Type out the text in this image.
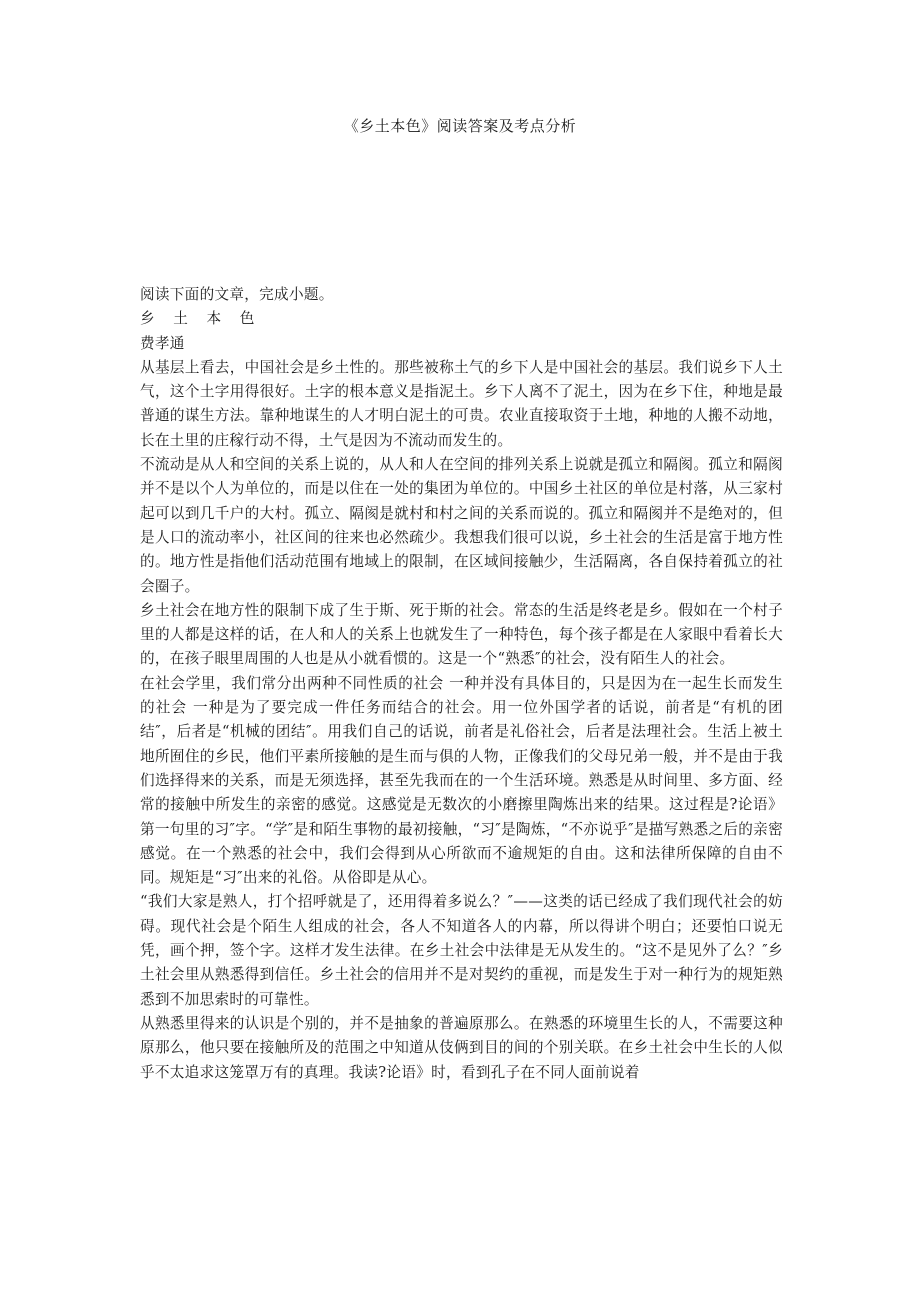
《乡土本色》阅读答案及考点分析

阅读下面的文章，完成小题。

乡 土 本 色

费孝通

从基层上看去，中国社会是乡土性的。那些被称土气的乡下人是中国社会的基层。我们说乡下人土气，这个土字用得很好。土字的根本意义是指泥土。乡下人离不了泥土，因为在乡下住，种地是最普通的谋生方法。靠种地谋生的人才明白泥土的可贵。农业直接取资于土地，种地的人搬不动地，长在土里的庄稼行动不得，土气是因为不流动而发生的。

不流动是从人和空间的关系上说的，从人和人在空间的排列关系上说就是孤立和隔阂。孤立和隔阂并不是以个人为单位的，而是以住在一处的集团为单位的。中国乡土社区的单位是村落，从三家村起可以到几千户的大村。孤立、隔阂是就村和村之间的关系而说的。孤立和隔阂并不是绝对的，但是人口的流动率小，社区间的往来也必然疏少。我想我们很可以说，乡土社会的生活是富于地方性的。地方性是指他们活动范围有地域上的限制，在区域间接触少，生活隔离，各自保持着孤立的社会圈子。

乡土社会在地方性的限制下成了生于斯、死于斯的社会。常态的生活是终老是乡。假如在一个村子里的人都是这样的话，在人和人的关系上也就发生了一种特色，每个孩子都是在人家眼中看着长大的，在孩子眼里周围的人也是从小就看惯的。这是一个“熟悉″的社会，没有陌生人的社会。

在社会学里，我们常分出两种不同性质的社会 一种并没有具体目的，只是因为在一起生长而发生的社会 一种是为了要完成一件任务而结合的社会。用一位外国学者的话说，前者是“有机的团结″，后者是“机械的团结″。用我们自己的话说，前者是礼俗社会，后者是法理社会。生活上被土地所囿住的乡民，他们平素所接触的是生而与俱的人物，正像我们的父母兄弟一般，并不是由于我们选择得来的关系，而是无须选择，甚至先我而在的一个生活环境。熟悉是从时间里、多方面、经常的接触中所发生的亲密的感觉。这感觉是无数次的小磨擦里陶炼出来的结果。这过程是?论语》第一句里的习″字。“学″是和陌生事物的最初接触，“习″是陶炼，“不亦说乎″是描写熟悉之后的亲密感觉。在一个熟悉的社会中，我们会得到从心所欲而不逾规矩的自由。这和法律所保障的自由不同。规矩是“习″出来的礼俗。从俗即是从心。

“我们大家是熟人，打个招呼就是了，还用得着多说么？″——这类的话已经成了我们现代社会的妨碍。现代社会是个陌生人组成的社会，各人不知道各人的内幕，所以得讲个明白；还要怕口说无凭，画个押，签个字。这样才发生法律。在乡土社会中法律是无从发生的。“这不是见外了么？″乡土社会里从熟悉得到信任。乡土社会的信用并不是对契约的重视，而是发生于对一种行为的规矩熟悉到不加思索时的可靠性。

从熟悉里得来的认识是个别的，并不是抽象的普遍原那么。在熟悉的环境里生长的人，不需要这种原那么，他只要在接触所及的范围之中知道从伎俩到目的间的个别关联。在乡土社会中生长的人似乎不太追求这笼罩万有的真理。我读?论语》时，看到孔子在不同人面前说着
